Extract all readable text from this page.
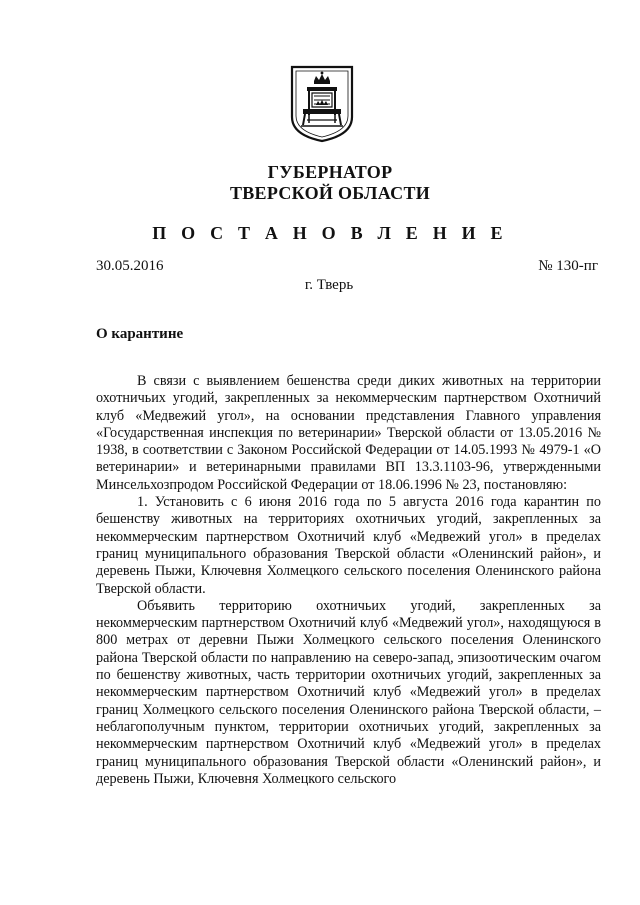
ГУБЕРНАТОР
ТВЕРСКОЙ ОБЛАСТИ
П О С Т А Н О В Л Е Н И Е
30.05.2016	№ 130-пг
г. Тверь
О карантине

В связи с выявлением бешенства среди диких животных на территории охотничьих угодий, закрепленных за некоммерческим партнерством Охотничий клуб «Медвежий угол», на основании представления Главного управления «Государственная инспекция по ветеринарии» Тверской области от 13.05.2016 № 1938, в соответствии с Законом Российской Федерации от 14.05.1993 № 4979-1 «О ветеринарии» и ветеринарными правилами ВП 13.3.1103-96, утвержденными Минсельхозпродом Российской Федерации от 18.06.1996 № 23, постановляю:

1. Установить с 6 июня 2016 года по 5 августа 2016 года карантин по бешенству животных на территориях охотничьих угодий, закрепленных за некоммерческим партнерством Охотничий клуб «Медвежий угол» в пределах границ муниципального образования Тверской области «Оленинский район», и деревень Пыжи, Ключевня Холмецкого сельского поселения Оленинского района Тверской области.

Объявить территорию охотничьих угодий, закрепленных за некоммерческим партнерством Охотничий клуб «Медвежий угол», находящуюся в 800 метрах от деревни Пыжи Холмецкого сельского поселения Оленинского района Тверской области по направлению на северо-запад, эпизоотическим очагом по бешенству животных, часть территории охотничьих угодий, закрепленных за некоммерческим партнерством Охотничий клуб «Медвежий угол» в пределах границ Холмецкого сельского поселения Оленинского района Тверской области, – неблагополучным пунктом, территории охотничьих угодий, закрепленных за некоммерческим партнерством Охотничий клуб «Медвежий угол» в пределах границ муниципального образования Тверской области «Оленинский район», и деревень Пыжи, Ключевня Холмецкого сельского
